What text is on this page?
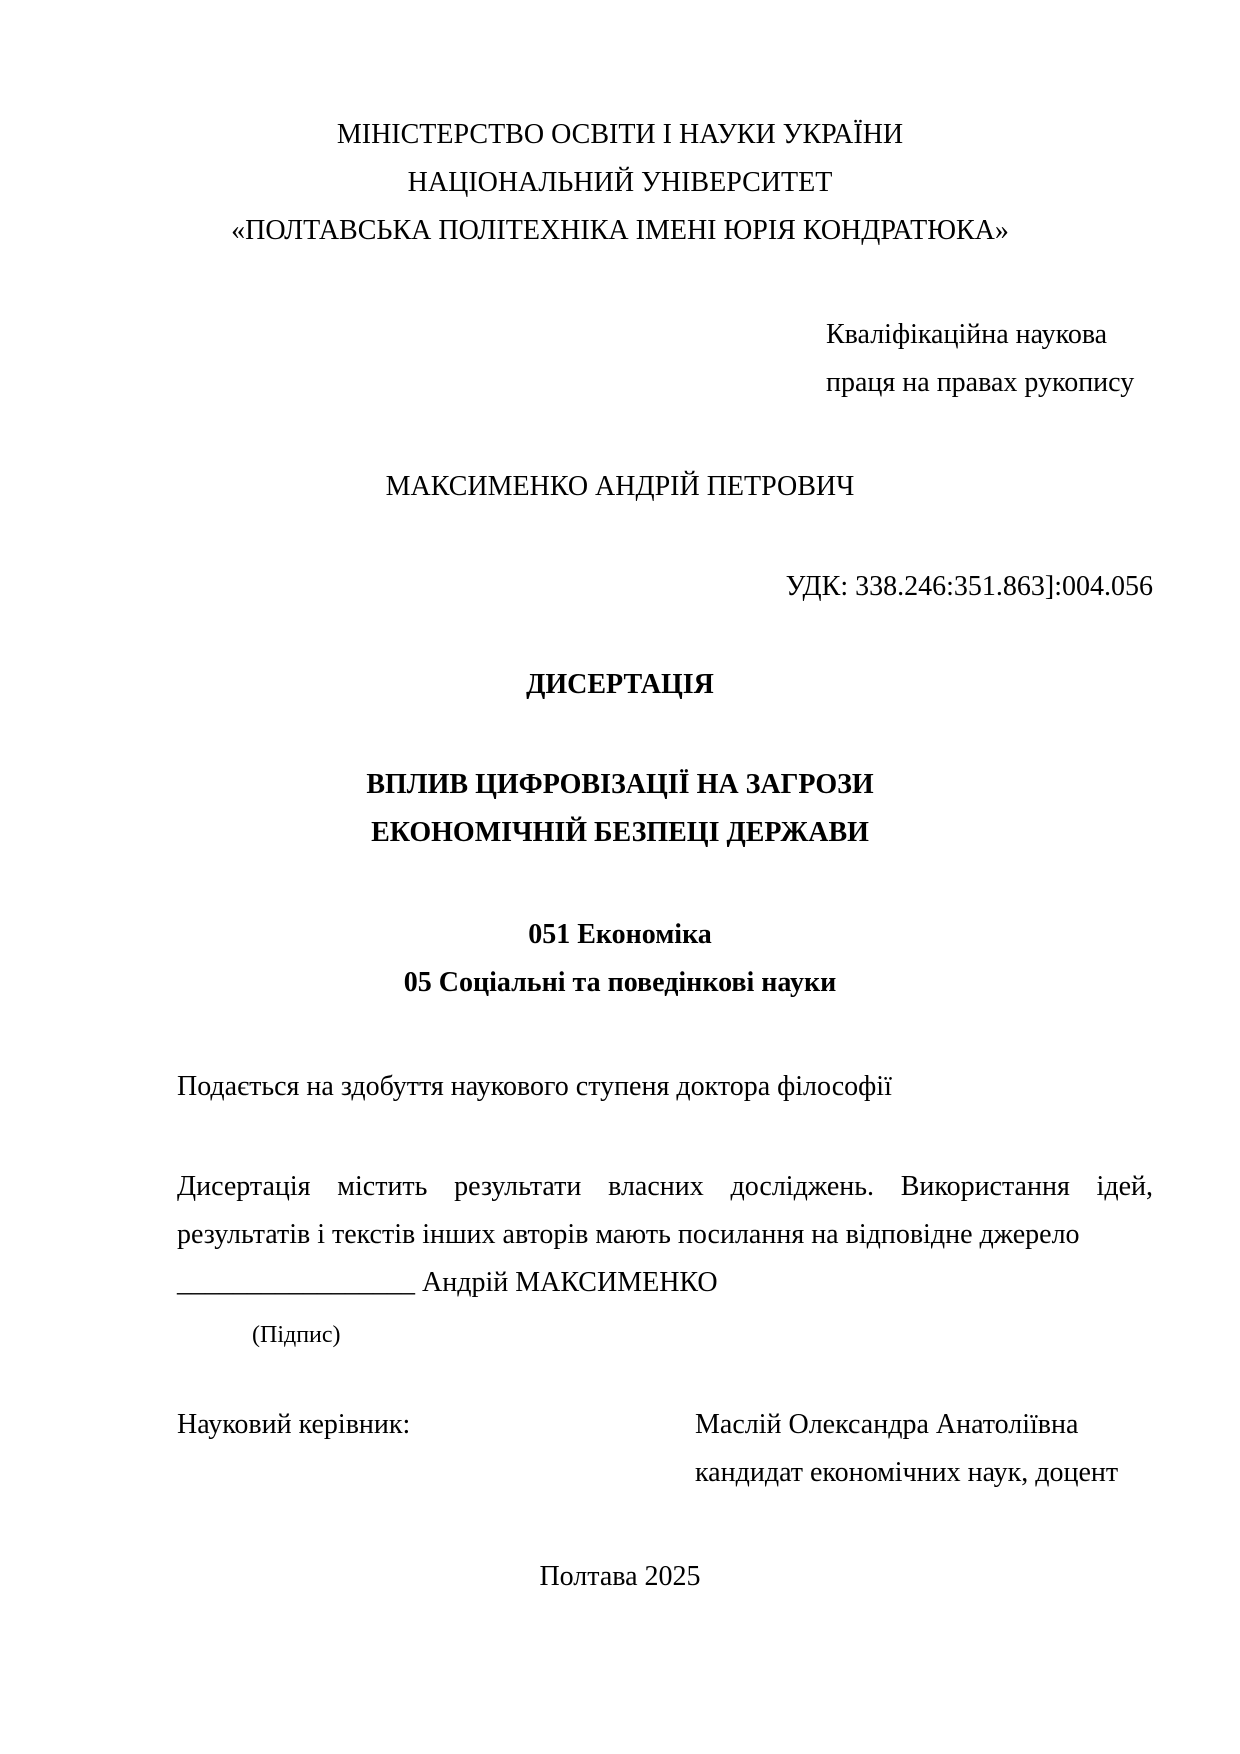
МІНІСТЕРСТВО ОСВІТИ І НАУКИ УКРАЇНИ
НАЦІОНАЛЬНИЙ УНІВЕРСИТЕТ
«ПОЛТАВСЬКА ПОЛІТЕХНІКА ІМЕНІ ЮРІЯ КОНДРАТЮКА»
Кваліфікаційна наукова
праця на правах рукопису
МАКСИМЕНКО АНДРІЙ ПЕТРОВИЧ
УДК: 338.246:351.863]:004.056
ДИСЕРТАЦІЯ
ВПЛИВ ЦИФРОВІЗАЦІЇ НА ЗАГРОЗИ
ЕКОНОМІЧНІЙ БЕЗПЕЦІ ДЕРЖАВИ
051 Економіка
05 Соціальні та поведінкові науки
Подається на здобуття наукового ступеня доктора філософії
Дисертація містить результати власних досліджень. Використання ідей,
результатів і текстів інших авторів мають посилання на відповідне джерело
_________________ Андрій МАКСИМЕНКО
(Підпис)
Науковий керівник:	Маслій Олександра Анатоліївна
кандидат економічних наук, доцент
Полтава 2025
